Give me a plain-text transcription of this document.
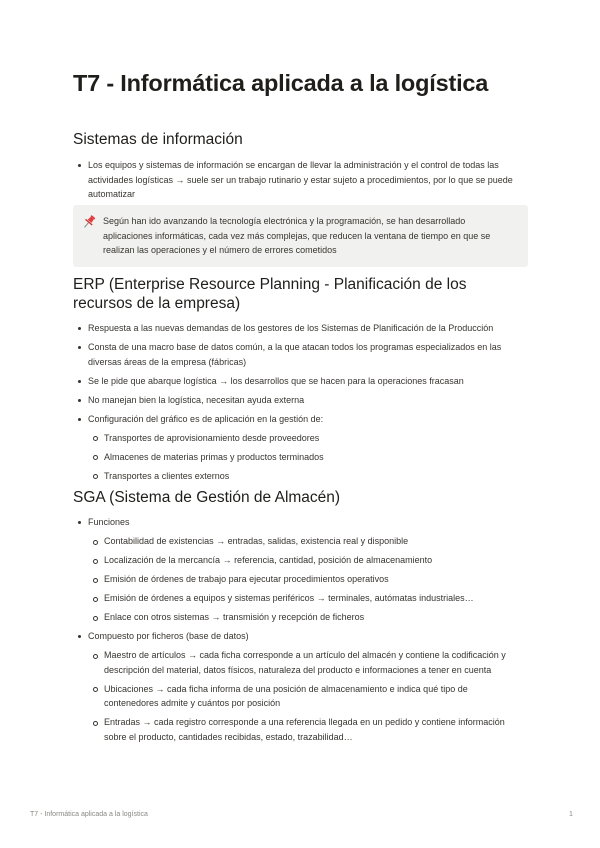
T7 - Informática aplicada a la logística
Sistemas de información
Los equipos y sistemas de información se encargan de llevar la administración y el control de todas las actividades logísticas → suele ser un trabajo rutinario y estar sujeto a procedimientos, por lo que se puede automatizar

Según han ido avanzando la tecnología electrónica y la programación, se han desarrollado aplicaciones informáticas, cada vez más complejas, que reducen la ventana de tiempo en que se realizan las operaciones y el número de errores cometidos

ERP (Enterprise Resource Planning - Planificación de los recursos de la empresa)
Respuesta a las nuevas demandas de los gestores de los Sistemas de Planificación de la Producción
Consta de una macro base de datos común, a la que atacan todos los programas especializados en las diversas áreas de la empresa (fábricas)
Se le pide que abarque logística → los desarrollos que se hacen para la operaciones fracasan
No manejan bien la logística, necesitan ayuda externa
Configuración del gráfico es de aplicación en la gestión de:
Transportes de aprovisionamiento desde proveedores
Almacenes de materias primas y productos terminados
Transportes a clientes externos
SGA (Sistema de Gestión de Almacén)
Funciones
Contabilidad de existencias → entradas, salidas, existencia real y disponible
Localización de la mercancía → referencia, cantidad, posición de almacenamiento
Emisión de órdenes de trabajo para ejecutar procedimientos operativos
Emisión de órdenes a equipos y sistemas periféricos → terminales, autómatas industriales…
Enlace con otros sistemas → transmisión y recepción de ficheros
Compuesto por ficheros (base de datos)
Maestro de artículos → cada ficha corresponde a un artículo del almacén y contiene la codificación y descripción del material, datos físicos, naturaleza del producto e informaciones a tener en cuenta
Ubicaciones → cada ficha informa de una posición de almacenamiento e indica qué tipo de contenedores admite y cuántos por posición
Entradas → cada registro corresponde a una referencia llegada en un pedido y contiene información sobre el producto, cantidades recibidas, estado, trazabilidad…
T7 - Informática aplicada a la logística	1
